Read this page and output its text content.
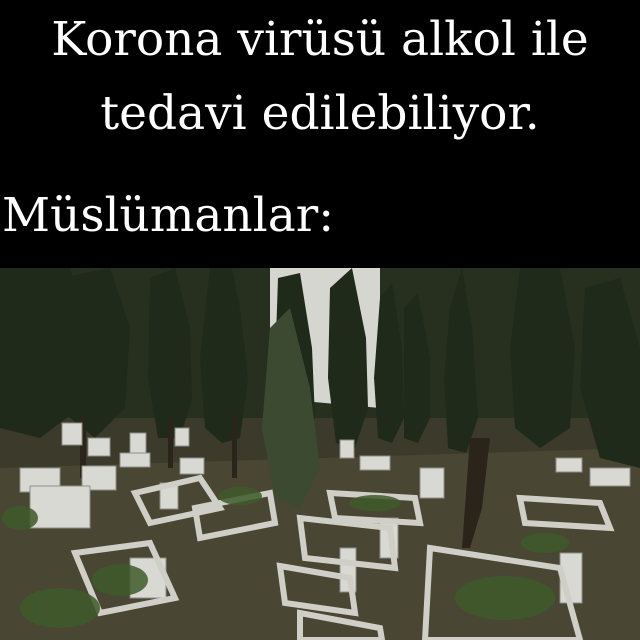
Korona virüsü alkol ile
tedavi edilebiliyor.
Müslümanlar:
